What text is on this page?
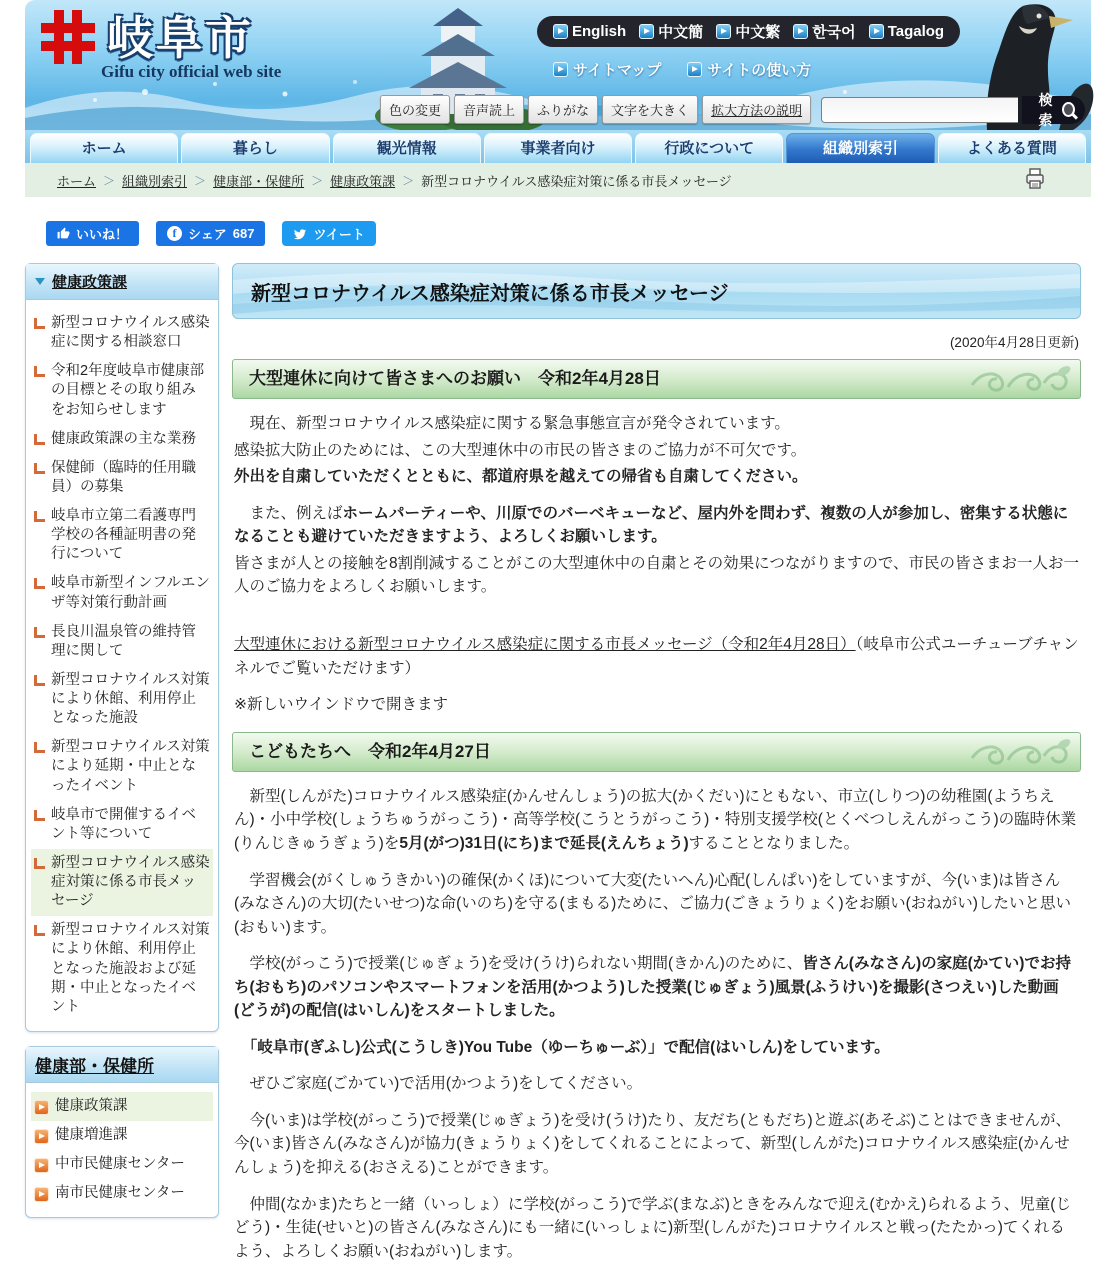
岐阜市
Gifu city official web site
English 中文簡 中文繁 한국어 Tagalog
サイトマップ	サイトの使い方
色の変更	音声読上	ふりがな	文字を大きく	拡大方法の説明
検索
ホーム	暮らし	観光情報	事業者向け	行政について	組織別索引	よくある質問
ホーム ＞ 組織別索引 ＞ 健康部・保健所 ＞ 健康政策課 ＞ 新型コロナウイルス感染症対策に係る市長メッセージ
いいね！	f シェア 687	ツイート
健康政策課
新型コロナウイルス感染症に関する相談窓口
令和2年度岐阜市健康部の目標とその取り組みをお知らせします
健康政策課の主な業務
保健師（臨時的任用職員）の募集
岐阜市立第二看護専門学校の各種証明書の発行について
岐阜市新型インフルエンザ等対策行動計画
長良川温泉管の維持管理に関して
新型コロナウイルス対策により休館、利用停止となった施設
新型コロナウイルス対策により延期・中止となったイベント
岐阜市で開催するイベント等について
新型コロナウイルス感染症対策に係る市長メッセージ
新型コロナウイルス対策により休館、利用停止となった施設および延期・中止となったイベント
健康部・保健所
健康政策課
健康増進課
中市民健康センター
南市民健康センター
新型コロナウイルス感染症対策に係る市長メッセージ
(2020年4月28日更新)
大型連休に向けて皆さまへのお願い　令和2年4月28日

　現在、新型コロナウイルス感染症に関する緊急事態宣言が発令されています。

感染拡大防止のためには、この大型連休中の市民の皆さまのご協力が不可欠です。

外出を自粛していただくとともに、都道府県を越えての帰省も自粛してください。

　また、例えばホームパーティーや、川原でのバーベキューなど、屋内外を問わず、複数の人が参加し、密集する状態になることも避けていただきますよう、よろしくお願いします。

皆さまが人との接触を8割削減することがこの大型連休中の自粛とその効果につながりますので、市民の皆さまお一人お一人のご協力をよろしくお願いします。

大型連休における新型コロナウイルス感染症に関する市長メッセージ（令和2年4月28日）（岐阜市公式ユーチューブチャンネルでご覧いただけます）
※新しいウインドウで開きます
こどもたちへ　令和2年4月27日

　新型(しんがた)コロナウイルス感染症(かんせんしょう)の拡大(かくだい)にともない、市立(しりつ)の幼稚園(ようちえん)・小中学校(しょうちゅうがっこう)・高等学校(こうとうがっこう)・特別支援学校(とくべつしえんがっこう)の臨時休業(りんじきゅうぎょう)を5月(がつ)31日(にち)まで延長(えんちょう)することとなりました。

　学習機会(がくしゅうきかい)の確保(かくほ)について大変(たいへん)心配(しんぱい)をしていますが、今(いま)は皆さん(みなさん)の大切(たいせつ)な命(いのち)を守る(まもる)ために、ご協力(ごきょうりょく)をお願い(おねがい)したいと思い(おもい)ます。

　学校(がっこう)で授業(じゅぎょう)を受け(うけ)られない期間(きかん)のために、皆さん(みなさん)の家庭(かてい)でお持ち(おもち)のパソコンやスマートフォンを活用(かつよう)した授業(じゅぎょう)風景(ふうけい)を撮影(さつえい)した動画(どうが)の配信(はいしん)をスタートしました。

　「岐阜市(ぎふし)公式(こうしき)You Tube（ゆーちゅーぶ）」で配信(はいしん)をしています。

　ぜひご家庭(ごかてい)で活用(かつよう)をしてください。

　今(いま)は学校(がっこう)で授業(じゅぎょう)を受け(うけ)たり、友だち(ともだち)と遊ぶ(あそぶ)ことはできませんが、今(いま)皆さん(みなさん)が協力(きょうりょく)をしてくれることによって、新型(しんがた)コロナウイルス感染症(かんせんしょう)を抑える(おさえる)ことができます。

　仲間(なかま)たちと一緒（いっしょ）に学校(がっこう)で学ぶ(まなぶ)ときをみんなで迎え(むかえ)られるよう、児童(じどう)・生徒(せいと)の皆さん(みなさん)にも一緒に(いっしょに)新型(しんがた)コロナウイルスと戦っ(たたかっ)てくれるよう、よろしくお願い(おねがい)します。
